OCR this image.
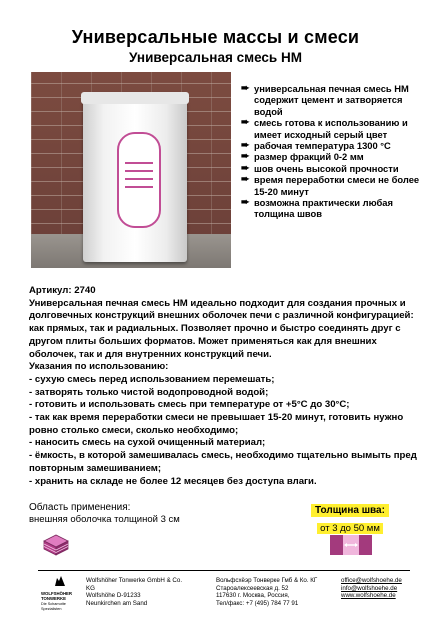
Универсальные массы и смеси
Универсальная смесь НМ
➨ универсальная печная смесь НМ содержит цемент и затворяется водой
➨ смесь готова к использованию и имеет исходный серый цвет
➨ рабочая температура 1300 °С
➨ размер фракций 0-2 мм
➨ шов очень высокой прочности
➨ время переработки смеси не более 15-20 минут
➨ возможна практически любая толщина швов

Артикул: 2740

Универсальная печная смесь НМ идеально подходит для создания прочных и долговечных конструкций внешних оболочек печи с различной конфигурацией: как прямых, так и радиальных. Позволяет прочно и быстро соединять друг с другом плиты больших форматов. Может применяться как для внешних оболочек, так и для внутренних конструкций печи.

Указания по использованию:

- сухую смесь перед использованием перемешать;

- затворять только чистой водопроводной водой;

- готовить и использовать смесь при температуре от +5°С до 30°С;

- так как время переработки смеси не превышает 15-20 минут, готовить нужно ровно столько смеси, сколько необходимо;

- наносить смесь на сухой очищенный материал;

- ёмкость, в которой замешивалась смесь, необходимо тщательно вымыть пред повторным замешиванием;

- хранить на складе не более 12 месяцев без доступа влаги.

Область применения:
внешняя оболочка толщиной 3 см
Толщина шва:
от 3 до 50 мм
WOLFSHÖHER TONWERKE
Die Schamotte Spezialisten
Wolfshöher Tonwerke GmbH & Co.
KG
Wolfshöhe D-91233
Neunkirchen am Sand
Вольфсхёэр Тонверке Гмб & Ко. КГ
Староалексеевская д. 52
117630 г. Москва, Россия,
Тел/факс: +7 (495) 784 77 91
office@wolfshoehe.de
info@wolfshoehe.de
www.wolfshoehe.de
